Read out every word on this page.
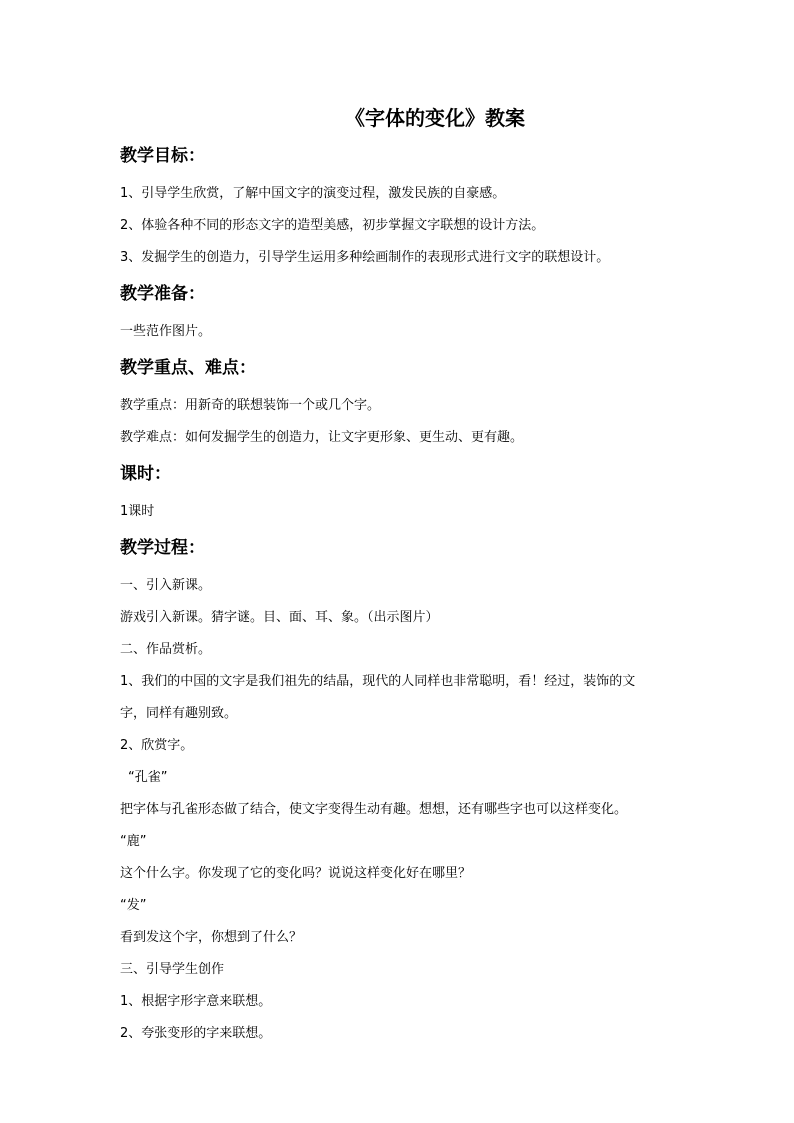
《字体的变化》教案
教学目标：

1、引导学生欣赏，了解中国文字的演变过程，激发民族的自豪感。

2、体验各种不同的形态文字的造型美感，初步掌握文字联想的设计方法。

3、发掘学生的创造力，引导学生运用多种绘画制作的表现形式进行文字的联想设计。

教学准备：

一些范作图片。

教学重点、难点：

教学重点：用新奇的联想装饰一个或几个字。

教学难点：如何发掘学生的创造力，让文字更形象、更生动、更有趣。

课时：

1课时

教学过程：

一、引入新课。

游戏引入新课。猜字谜。目、面、耳、象。（出示图片）

二、作品赏析。

1、我们的中国的文字是我们祖先的结晶，现代的人同样也非常聪明，看！经过，装饰的文

字，同样有趣别致。

2、欣赏字。

“孔雀”

把字体与孔雀形态做了结合，使文字变得生动有趣。想想，还有哪些字也可以这样变化。

“鹿”

这个什么字。你发现了它的变化吗？说说这样变化好在哪里？

“发”

看到发这个字，你想到了什么？

三、引导学生创作

1、根据字形字意来联想。

2、夸张变形的字来联想。
